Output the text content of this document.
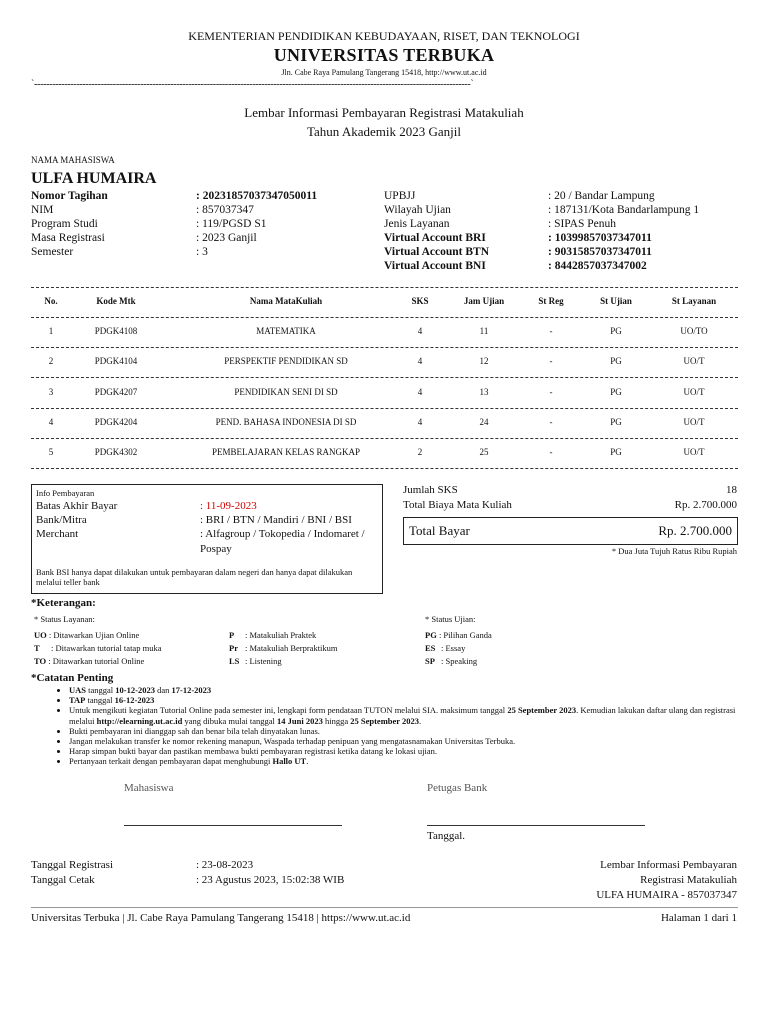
KEMENTERIAN PENDIDIKAN KEBUDAYAAN, RISET, DAN TEKNOLOGI
UNIVERSITAS TERBUKA
Jln. Cabe Raya Pamulang Tangerang 15418, http://www.ut.ac.id
`------------------------------------------------------------------------------------------------------------------------------------------------`
Lembar Informasi Pembayaran Registrasi Matakuliah
Tahun Akademik 2023 Ganjil
NAMA MAHASISWA
ULFA HUMAIRA
Nomor Tagihan	: 20231857037347050011
NIM	: 857037347
Program Studi	: 119/PGSD S1
Masa Registrasi	: 2023 Ganjil
Semester	: 3
UPBJJ	: 20 / Bandar Lampung
Wilayah Ujian	: 187131/Kota Bandarlampung 1
Jenis Layanan	: SIPAS Penuh
Virtual Account BRI	: 10399857037347011
Virtual Account BTN	: 90315857037347011
Virtual Account BNI	: 8442857037347002
No.	Kode Mtk	Nama MataKuliah	SKS	Jam Ujian	St Reg	St Ujian	St Layanan
1	PDGK4108	MATEMATIKA	4	11	-	PG	UO/TO
2	PDGK4104	PERSPEKTIF PENDIDIKAN SD	4	12	-	PG	UO/T
3	PDGK4207	PENDIDIKAN SENI DI SD	4	13	-	PG	UO/T
4	PDGK4204	PEND. BAHASA INDONESIA DI SD	4	24	-	PG	UO/T
5	PDGK4302	PEMBELAJARAN KELAS RANGKAP	2	25	-	PG	UO/T
Info Pembayaran
Batas Akhir Bayar	: 11-09-2023
Bank/Mitra	: BRI / BTN / Mandiri / BNI / BSI
Merchant	: Alfagroup / Tokopedia / Indomaret /
Pospay
Bank BSI hanya dapat dilakukan untuk pembayaran dalam negeri dan hanya dapat dilakukan melalui teller bank
Jumlah SKS	18
Total Biaya Mata Kuliah	Rp. 2.700.000
Total Bayar	Rp. 2.700.000
* Dua Juta Tujuh Ratus Ribu Rupiah
*Keterangan:
* Status Layanan:	* Status Ujian:
UO : Ditawarkan Ujian Online
T : Ditawarkan tutorial tatap muka
TO : Ditawarkan tutorial Online
P : Matakuliah Praktek
Pr : Matakuliah Berpraktikum
LS : Listening
PG : Pilihan Ganda
ES : Essay
SP : Speaking
*Catatan Penting
• UAS tanggal 10-12-2023 dan 17-12-2023
• TAP tanggal 16-12-2023
• Untuk mengikuti kegiatan Tutorial Online pada semester ini, lengkapi form pendataan TUTON melalui SIA. maksimum tanggal 25 September 2023. Kemudian lakukan daftar ulang dan registrasi melalui http://elearning.ut.ac.id yang dibuka mulai tanggal 14 Juni 2023 hingga 25 September 2023.
• Bukti pembayaran ini dianggap sah dan benar bila telah dinyatakan lunas.
• Jangan melakukan transfer ke nomor rekening manapun, Waspada terhadap penipuan yang mengatasnamakan Universitas Terbuka.
• Harap simpan bukti bayar dan pastikan membawa bukti pembayaran registrasi ketika datang ke lokasi ujian.
• Pertanyaan terkait dengan pembayaran dapat menghubungi Hallo UT.
Mahasiswa	Petugas Bank
Tanggal.
Tanggal Registrasi	: 23-08-2023
Tanggal Cetak	: 23 Agustus 2023, 15:02:38 WIB
Lembar Informasi Pembayaran
Registrasi Matakuliah
ULFA HUMAIRA - 857037347
Universitas Terbuka | Jl. Cabe Raya Pamulang Tangerang 15418 | https://www.ut.ac.id	Halaman 1 dari 1
